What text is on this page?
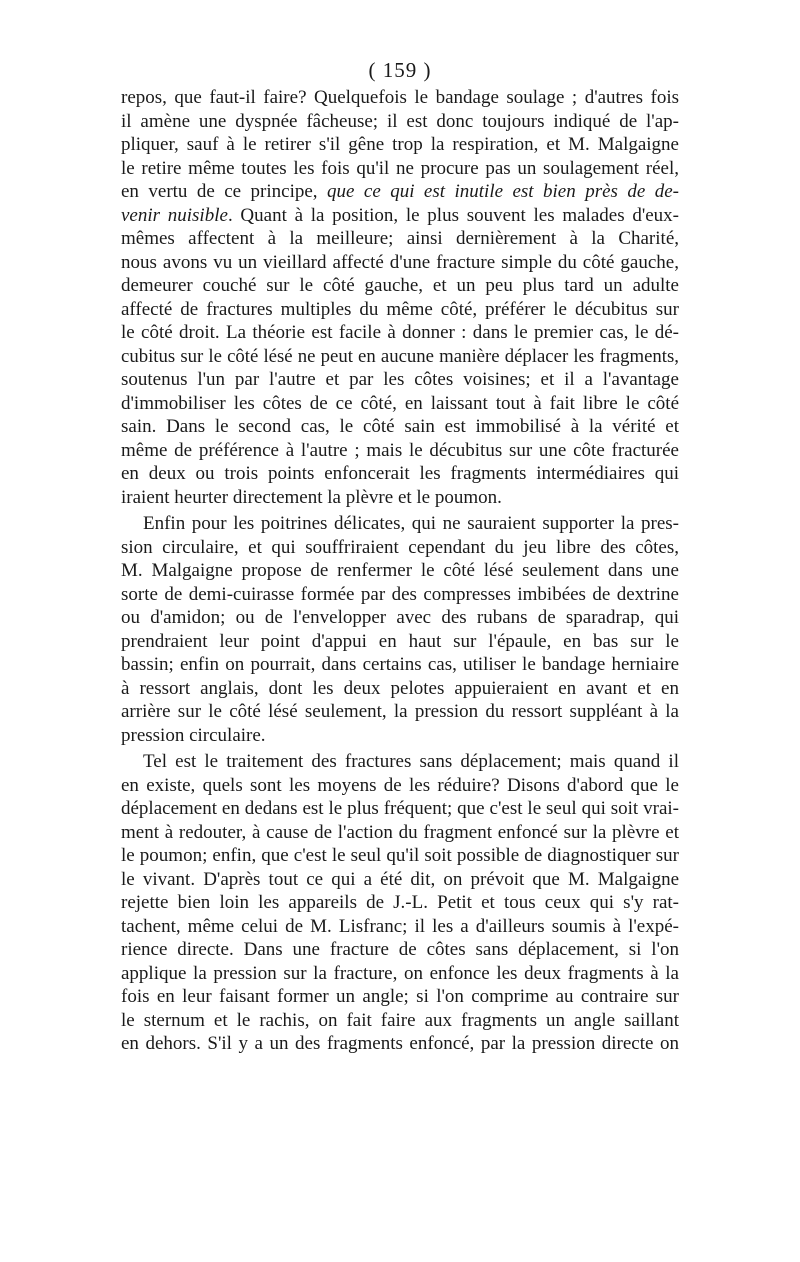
( 159 )
repos, que faut-il faire? Quelquefois le bandage soulage ; d'autres fois
il amène une dyspnée fâcheuse; il est donc toujours indiqué de l'ap-
pliquer, sauf à le retirer s'il gêne trop la respiration, et M. Malgaigne
le retire même toutes les fois qu'il ne procure pas un soulagement réel,
en vertu de ce principe, que ce qui est inutile est bien près de de-
venir nuisible. Quant à la position, le plus souvent les malades d'eux-
mêmes affectent à la meilleure; ainsi dernièrement à la Charité,
nous avons vu un vieillard affecté d'une fracture simple du côté gauche,
demeurer couché sur le côté gauche, et un peu plus tard un adulte
affecté de fractures multiples du même côté, préférer le décubitus sur
le côté droit. La théorie est facile à donner : dans le premier cas, le dé-
cubitus sur le côté lésé ne peut en aucune manière déplacer les fragments,
soutenus l'un par l'autre et par les côtes voisines; et il a l'avantage
d'immobiliser les côtes de ce côté, en laissant tout à fait libre le côté
sain. Dans le second cas, le côté sain est immobilisé à la vérité et
même de préférence à l'autre ; mais le décubitus sur une côte fracturée
en deux ou trois points enfoncerait les fragments intermédiaires qui
iraient heurter directement la plèvre et le poumon.
Enfin pour les poitrines délicates, qui ne sauraient supporter la pres-
sion circulaire, et qui souffriraient cependant du jeu libre des côtes,
M. Malgaigne propose de renfermer le côté lésé seulement dans une
sorte de demi-cuirasse formée par des compresses imbibées de dextrine
ou d'amidon; ou de l'envelopper avec des rubans de sparadrap, qui
prendraient leur point d'appui en haut sur l'épaule, en bas sur le
bassin; enfin on pourrait, dans certains cas, utiliser le bandage herniaire
à ressort anglais, dont les deux pelotes appuieraient en avant et en
arrière sur le côté lésé seulement, la pression du ressort suppléant à la
pression circulaire.
Tel est le traitement des fractures sans déplacement; mais quand il
en existe, quels sont les moyens de les réduire? Disons d'abord que le
déplacement en dedans est le plus fréquent; que c'est le seul qui soit vrai-
ment à redouter, à cause de l'action du fragment enfoncé sur la plèvre et
le poumon; enfin, que c'est le seul qu'il soit possible de diagnostiquer sur
le vivant. D'après tout ce qui a été dit, on prévoit que M. Malgaigne
rejette bien loin les appareils de J.-L. Petit et tous ceux qui s'y rat-
tachent, même celui de M. Lisfranc; il les a d'ailleurs soumis à l'expé-
rience directe. Dans une fracture de côtes sans déplacement, si l'on
applique la pression sur la fracture, on enfonce les deux fragments à la
fois en leur faisant former un angle; si l'on comprime au contraire sur
le sternum et le rachis, on fait faire aux fragments un angle saillant
en dehors. S'il y a un des fragments enfoncé, par la pression directe on
